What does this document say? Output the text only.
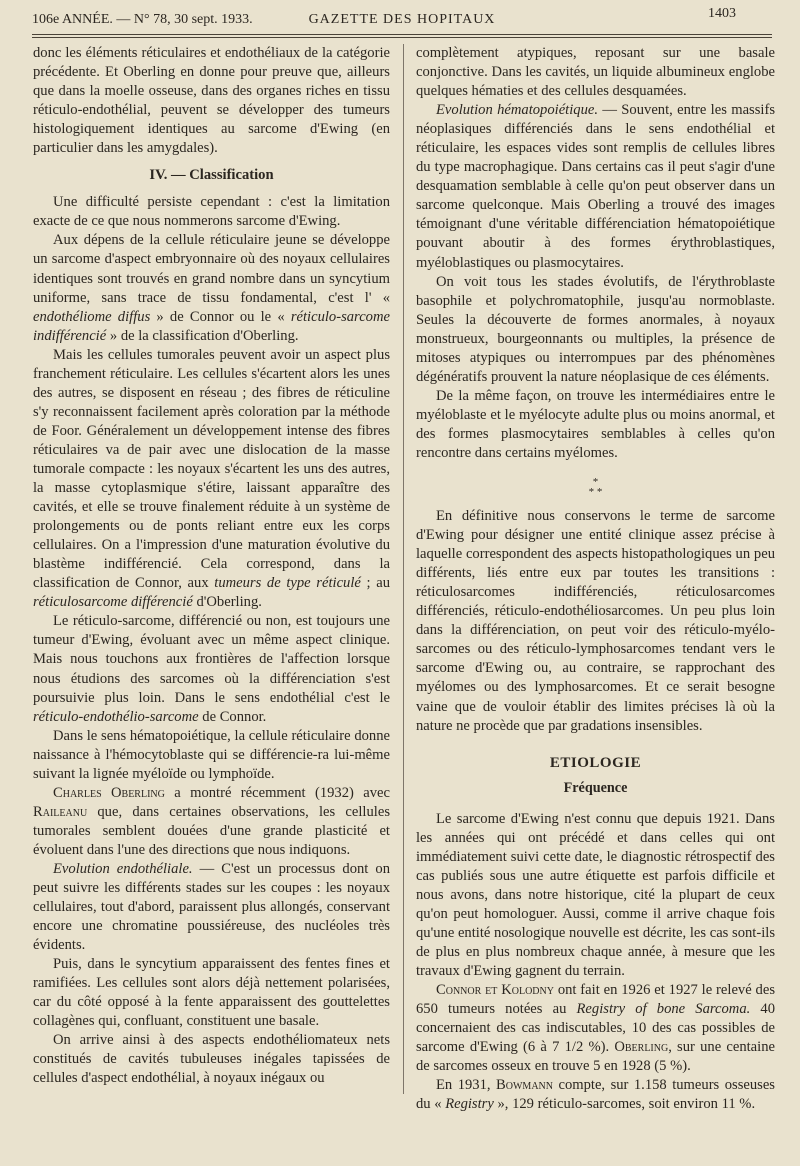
106e ANNÉE. — N° 78, 30 sept. 1933.	GAZETTE DES HOPITAUX	1403

donc les éléments réticulaires et endothéliaux de la catégorie précédente. Et Oberling en donne pour preuve que, ailleurs que dans la moelle osseuse, dans des organes riches en tissu réticulo-endothélial, peuvent se développer des tumeurs histologiquement identiques au sarcome d'Ewing (en particulier dans les amygdales).

IV. — Classification

Une difficulté persiste cependant : c'est la limitation exacte de ce que nous nommerons sarcome d'Ewing.

Aux dépens de la cellule réticulaire jeune se développe un sarcome d'aspect embryonnaire où des noyaux cellulaires identiques sont trouvés en grand nombre dans un syncytium uniforme, sans trace de tissu fondamental, c'est l' « endothéliome diffus » de Connor ou le « réticulo-sarcome indifférencié » de la classification d'Oberling.

Mais les cellules tumorales peuvent avoir un aspect plus franchement réticulaire. Les cellules s'écartent alors les unes des autres, se disposent en réseau ; des fibres de réticuline s'y reconnaissent facilement après coloration par la méthode de Foor. Généralement un développement intense des fibres réticulaires va de pair avec une dislocation de la masse tumorale compacte : les noyaux s'écartent les uns des autres, la masse cytoplasmique s'étire, laissant apparaître des cavités, et elle se trouve finalement réduite à un système de prolongements ou de ponts reliant entre eux les corps cellulaires. On a l'impression d'une maturation évolutive du blastème indifférencié. Cela correspond, dans la classification de Connor, aux tumeurs de type réticulé ; au réticulosarcome différencié d'Oberling.

Le réticulo-sarcome, différencié ou non, est toujours une tumeur d'Ewing, évoluant avec un même aspect clinique. Mais nous touchons aux frontières de l'affection lorsque nous étudions des sarcomes où la différenciation s'est poursuivie plus loin. Dans le sens endothélial c'est le réticulo-endothélio-sarcome de Connor.

Dans le sens hématopoiétique, la cellule réticulaire donne naissance à l'hémocytoblaste qui se différencie-ra lui-même suivant la lignée myéloïde ou lymphoïde.

Charles Oberling a montré récemment (1932) avec Raileanu que, dans certaines observations, les cellules tumorales semblent douées d'une grande plasticité et évoluent dans l'une des directions que nous indiquons.

Evolution endothéliale. — C'est un processus dont on peut suivre les différents stades sur les coupes : les noyaux cellulaires, tout d'abord, paraissent plus allongés, conservant encore une chromatine poussiéreuse, des nucléoles très évidents.

Puis, dans le syncytium apparaissent des fentes fines et ramifiées. Les cellules sont alors déjà nettement polarisées, car du côté opposé à la fente apparaissent des gouttelettes collagènes qui, confluant, constituent une basale.

On arrive ainsi à des aspects endothéliomateux nets constitués de cavités tubuleuses inégales tapissées de cellules d'aspect endothélial, à noyaux inégaux ou

complètement atypiques, reposant sur une basale conjonctive. Dans les cavités, un liquide albumineux englobe quelques hématies et des cellules desquamées.

Evolution hématopoiétique. — Souvent, entre les massifs néoplasiques différenciés dans le sens endothélial et réticulaire, les espaces vides sont remplis de cellules libres du type macrophagique. Dans certains cas il peut s'agir d'une desquamation semblable à celle qu'on peut observer dans un sarcome quelconque. Mais Oberling a trouvé des images témoignant d'une véritable différenciation hématopoiétique pouvant aboutir à des formes érythroblastiques, myéloblastiques ou plasmocytaires.

On voit tous les stades évolutifs, de l'érythroblaste basophile et polychromatophile, jusqu'au normoblaste. Seules la découverte de formes anormales, à noyaux monstrueux, bourgeonnants ou multiples, la présence de mitoses atypiques ou interrompues par des phénomènes dégénératifs prouvent la nature néoplasique de ces éléments.

De la même façon, on trouve les intermédiaires entre le myéloblaste et le myélocyte adulte plus ou moins anormal, et des formes plasmocytaires semblables à celles qu'on rencontre dans certains myélomes.

*
* *

En définitive nous conservons le terme de sarcome d'Ewing pour désigner une entité clinique assez précise à laquelle correspondent des aspects histopathologiques un peu différents, liés entre eux par toutes les transitions : réticulosarcomes indifférenciés, réticulosarcomes différenciés, réticulo-endothéliosarcomes. Un peu plus loin dans la différenciation, on peut voir des réticulo-myélo-sarcomes ou des réticulo-lymphosarcomes tendant vers le sarcome d'Ewing ou, au contraire, se rapprochant des myélomes ou des lymphosarcomes. Et ce serait besogne vaine que de vouloir établir des limites précises là où la nature ne procède que par gradations insensibles.

ETIOLOGIE
Fréquence

Le sarcome d'Ewing n'est connu que depuis 1921. Dans les années qui ont précédé et dans celles qui ont immédiatement suivi cette date, le diagnostic rétrospectif des cas publiés sous une autre étiquette est parfois difficile et nous avons, dans notre historique, cité la plupart de ceux qu'on peut homologuer. Aussi, comme il arrive chaque fois qu'une entité nosologique nouvelle est décrite, les cas sont-ils de plus en plus nombreux chaque année, à mesure que les travaux d'Ewing gagnent du terrain.

Connor et Kolodny ont fait en 1926 et 1927 le relevé des 650 tumeurs notées au Registry of bone Sarcoma. 40 concernaient des cas indiscutables, 10 des cas possibles de sarcome d'Ewing (6 à 7 1/2 %). Oberling, sur une centaine de sarcomes osseux en trouve 5 en 1928 (5 %).

En 1931, Bowmann compte, sur 1.158 tumeurs osseuses du « Registry », 129 réticulo-sarcomes, soit environ 11 %.
